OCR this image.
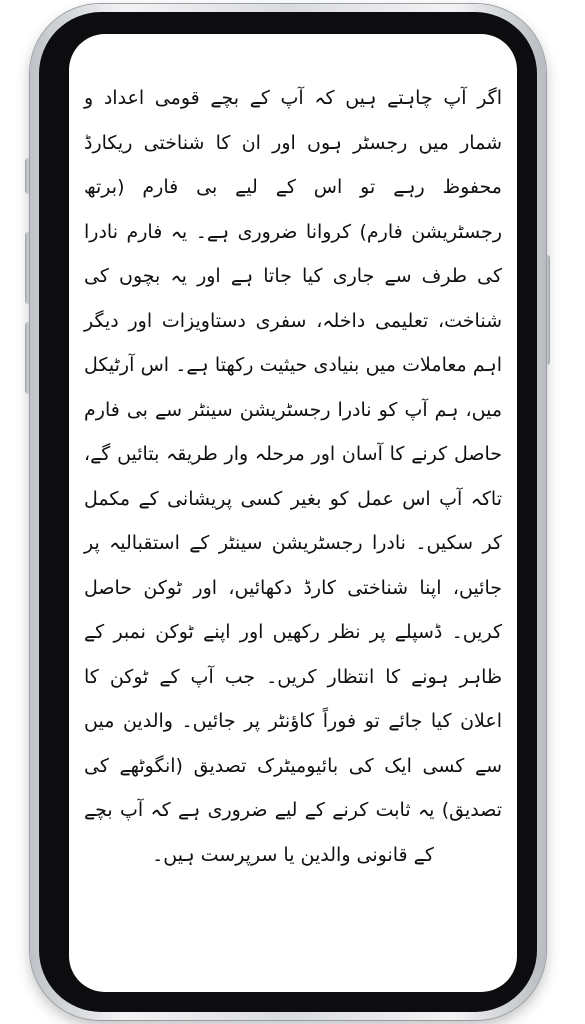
اگر آپ چاہتے ہیں کہ آپ کے بچے قومی اعداد و شمار میں رجسٹر ہوں اور ان کا شناختی ریکارڈ محفوظ رہے تو اس کے لیے بی فارم (برتھ رجسٹریشن فارم) کروانا ضروری ہے۔ یہ فارم نادرا کی طرف سے جاری کیا جاتا ہے اور یہ بچوں کی شناخت، تعلیمی داخلہ، سفری دستاویزات اور دیگر اہم معاملات میں بنیادی حیثیت رکھتا ہے۔ اس آرٹیکل میں، ہم آپ کو نادرا رجسٹریشن سینٹر سے بی فارم حاصل کرنے کا آسان اور مرحلہ وار طریقہ بتائیں گے، تاکہ آپ اس عمل کو بغیر کسی پریشانی کے مکمل کر سکیں۔ نادرا رجسٹریشن سینٹر کے استقبالیہ پر جائیں، اپنا شناختی کارڈ دکھائیں، اور ٹوکن حاصل کریں۔ ڈسپلے پر نظر رکھیں اور اپنے ٹوکن نمبر کے ظاہر ہونے کا انتظار کریں۔ جب آپ کے ٹوکن کا اعلان کیا جائے تو فوراً کاؤنٹر پر جائیں۔ والدین میں سے کسی ایک کی بائیومیٹرک تصدیق (انگوٹھے کی تصدیق) یہ ثابت کرنے کے لیے ضروری ہے کہ آپ بچے کے قانونی والدین یا سرپرست ہیں۔
